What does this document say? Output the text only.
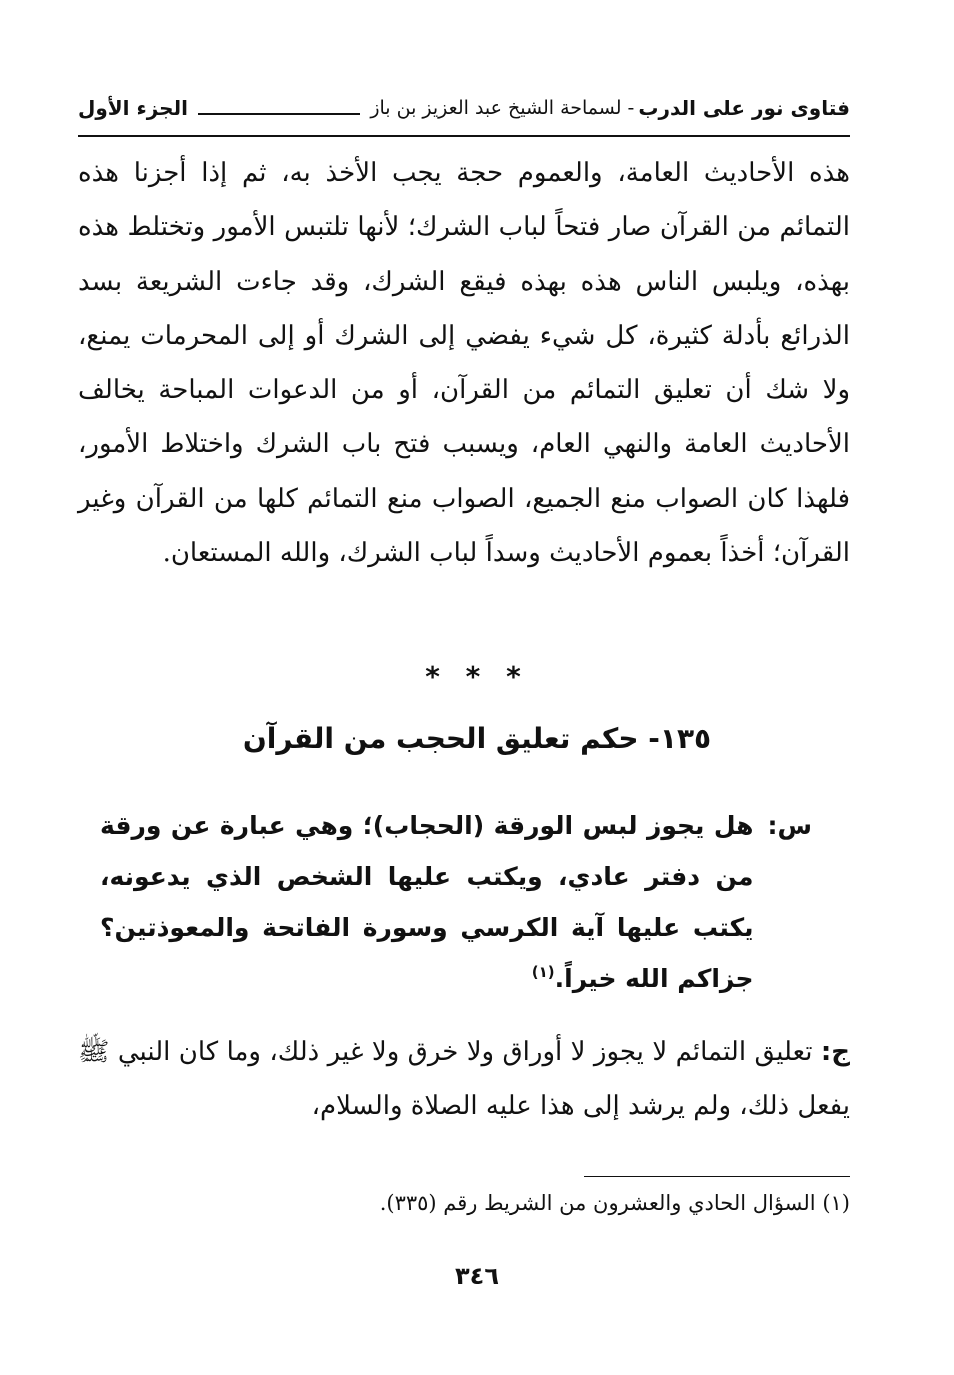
فتاوى نور على الدرب
- لسماحة الشيخ عبد العزيز بن باز
الجزء الأول
هذه الأحاديث العامة، والعموم حجة يجب الأخذ به، ثم إذا أجزنا هذه التمائم من القرآن صار فتحاً لباب الشرك؛ لأنها تلتبس الأمور وتختلط هذه بهذه، ويلبس الناس هذه بهذه فيقع الشرك، وقد جاءت الشريعة بسد الذرائع بأدلة كثيرة، كل شيء يفضي إلى الشرك أو إلى المحرمات يمنع، ولا شك أن تعليق التمائم من القرآن، أو من الدعوات المباحة يخالف الأحاديث العامة والنهي العام، ويسبب فتح باب الشرك واختلاط الأمور، فلهذا كان الصواب منع الجميع، الصواب منع التمائم كلها من القرآن وغير القرآن؛ أخذاً بعموم الأحاديث وسداً لباب الشرك، والله المستعان.
* * *
١٣٥- حكم تعليق الحجب من القرآن
س:
هل يجوز لبس الورقة (الحجاب)؛ وهي عبارة عن ورقة من دفتر عادي، ويكتب عليها الشخص الذي يدعونه، يكتب عليها آية الكرسي وسورة الفاتحة والمعوذتين؟ جزاكم الله خيراً.$^{(١)}$
ج: تعليق التمائم لا يجوز لا أوراق ولا خرق ولا غير ذلك، وما كان النبي ﷺ يفعل ذلك، ولم يرشد إلى هذا عليه الصلاة والسلام،
(١) السؤال الحادي والعشرون من الشريط رقم (٣٣٥).
٣٤٦
